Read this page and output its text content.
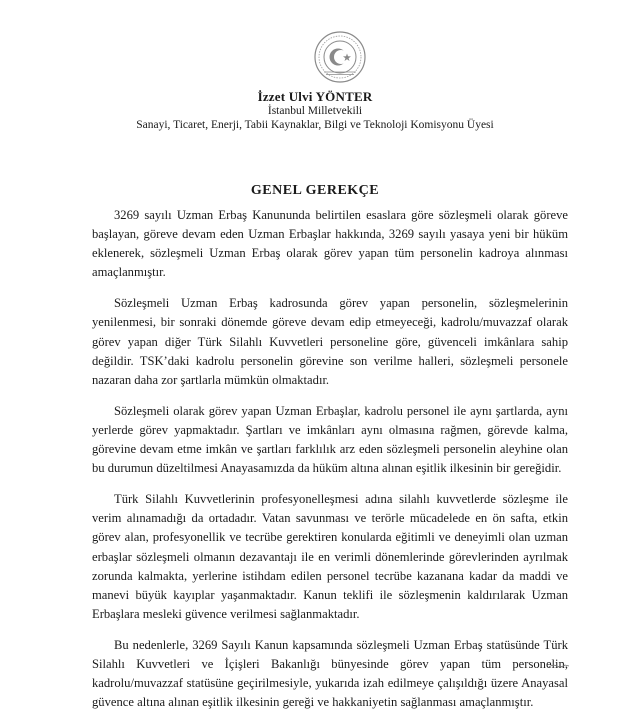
İzzet Ulvi YÖNTER
İstanbul Milletvekili
Sanayi, Ticaret, Enerji, Tabii Kaynaklar, Bilgi ve Teknoloji Komisyonu Üyesi
GENEL GEREKÇE

3269 sayılı Uzman Erbaş Kanununda belirtilen esaslara göre sözleşmeli olarak göreve başlayan, göreve devam eden Uzman Erbaşlar hakkında, 3269 sayılı yasaya yeni bir hüküm eklenerek, sözleşmeli Uzman Erbaş olarak görev yapan tüm personelin kadroya alınması amaçlanmıştır.

Sözleşmeli Uzman Erbaş kadrosunda görev yapan personelin, sözleşmelerinin yenilenmesi, bir sonraki dönemde göreve devam edip etmeyeceği, kadrolu/muvazzaf olarak görev yapan diğer Türk Silahlı Kuvvetleri personeline göre, güvenceli imkânlara sahip değildir. TSK’daki kadrolu personelin görevine son verilme halleri, sözleşmeli personele nazaran daha zor şartlarla mümkün olmaktadır.

Sözleşmeli olarak görev yapan Uzman Erbaşlar, kadrolu personel ile aynı şartlarda, aynı yerlerde görev yapmaktadır. Şartları ve imkânları aynı olmasına rağmen, görevde kalma, görevine devam etme imkân ve şartları farklılık arz eden sözleşmeli personelin aleyhine olan bu durumun düzeltilmesi Anayasamızda da hüküm altına alınan eşitlik ilkesinin bir gereğidir.

Türk Silahlı Kuvvetlerinin profesyonelleşmesi adına silahlı kuvvetlerde sözleşme ile verim alınamadığı da ortadadır. Vatan savunması ve terörle mücadelede en ön safta, etkin görev alan, profesyonellik ve tecrübe gerektiren konularda eğitimli ve deneyimli olan uzman erbaşlar sözleşmeli olmanın dezavantajı ile en verimli dönemlerinde görevlerinden ayrılmak zorunda kalmakta, yerlerine istihdam edilen personel tecrübe kazanana kadar da maddi ve manevi büyük kayıplar yaşanmaktadır. Kanun teklifi ile sözleşmenin kaldırılarak Uzman Erbaşlara mesleki güvence verilmesi sağlanmaktadır.

Bu nedenlerle, 3269 Sayılı Kanun kapsamında sözleşmeli Uzman Erbaş statüsünde Türk Silahlı Kuvvetleri ve İçişleri Bakanlığı bünyesinde görev yapan tüm personelin, kadrolu/muvazzaf statüsüne geçirilmesiyle, yukarıda izah edilmeye çalışıldığı üzere Anayasal güvence altına alınan eşitlik ilkesinin gereği ve hakkaniyetin sağlanması amaçlanmıştır.
